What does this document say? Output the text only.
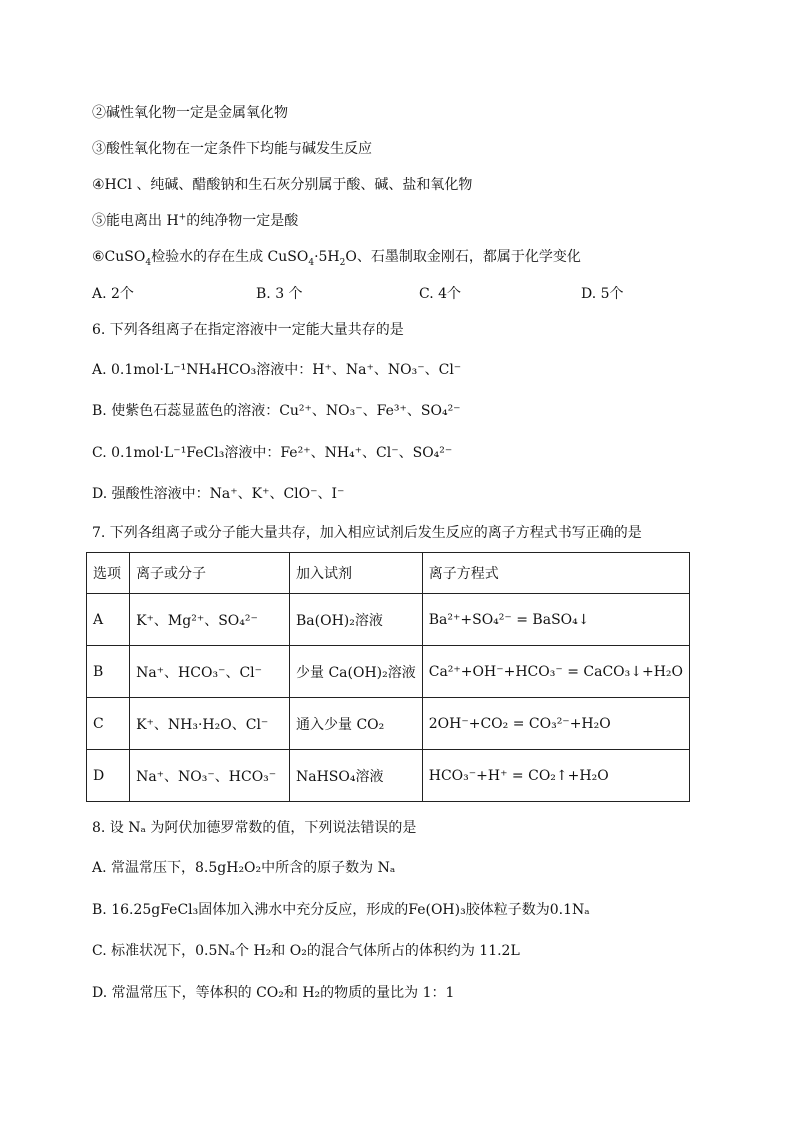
②碱性氧化物一定是金属氧化物
③酸性氧化物在一定条件下均能与碱发生反应
④HCl 、纯碱、醋酸钠和生石灰分别属于酸、碱、盐和氧化物
⑤能电离出 H+的纯净物一定是酸
⑥CuSO$_4$检验水的存在生成 $CuSO_4\cdot 5H_2O$、石墨制取金刚石，都属于化学变化
A. 2个	B. 3 个	C. 4个	D. 5个
6. 下列各组离子在指定溶液中一定能大量共存的是
A. 0.1mol·L⁻¹NH₄HCO₃溶液中：H⁺、Na⁺、NO₃⁻、Cl⁻
B. 使紫色石蕊显蓝色的溶液：Cu²⁺、NO₃⁻、Fe³⁺、SO₄²⁻
C. 0.1mol·L⁻¹FeCl₃溶液中：Fe²⁺、NH₄⁺、Cl⁻、SO₄²⁻
D. 强酸性溶液中：Na⁺、K⁺、ClO⁻、I⁻
7. 下列各组离子或分子能大量共存，加入相应试剂后发生反应的离子方程式书写正确的是
选项	离子或分子	加入试剂	离子方程式
A	K⁺、Mg²⁺、SO₄²⁻	Ba(OH)₂溶液	Ba²⁺+SO₄²⁻ = BaSO₄↓
B	Na⁺、HCO₃⁻、Cl⁻	少量 Ca(OH)₂溶液	Ca²⁺+OH⁻+HCO₃⁻ = CaCO₃↓+H₂O
C	K⁺、NH₃·H₂O、Cl⁻	通入少量 CO₂	2OH⁻+CO₂ = CO₃²⁻+H₂O
D	Na⁺、NO₃⁻、HCO₃⁻	NaHSO₄溶液	HCO₃⁻+H⁺ = CO₂↑+H₂O
8. 设 Nₐ 为阿伏加德罗常数的值，下列说法错误的是
A. 常温常压下，8.5gH₂O₂中所含的原子数为 Nₐ
B. 16.25gFeCl₃固体加入沸水中充分反应，形成的Fe(OH)₃胶体粒子数为0.1Nₐ
C. 标准状况下，0.5Nₐ个 H₂和 O₂的混合气体所占的体积约为 11.2L
D. 常温常压下，等体积的 CO₂和 H₂的物质的量比为 1：1
